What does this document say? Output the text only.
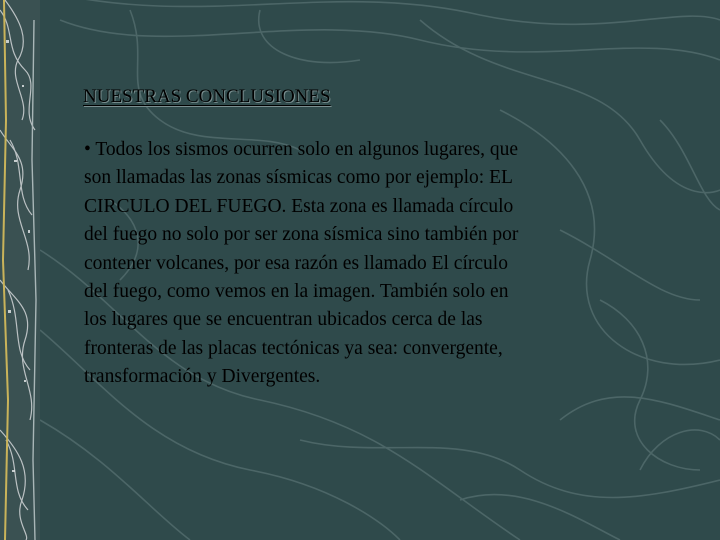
NUESTRAS CONCLUSIONES

• Todos los sismos ocurren solo en algunos lugares, que
son llamadas las zonas sísmicas como por ejemplo: EL
CIRCULO DEL FUEGO. Esta zona es llamada círculo
del fuego no solo por ser zona sísmica sino también por
contener volcanes, por esa razón es llamado El círculo
del fuego, como vemos en la imagen. También solo en
los lugares que se encuentran ubicados cerca de las
fronteras de las placas tectónicas ya sea: convergente,
transformación y Divergentes.
